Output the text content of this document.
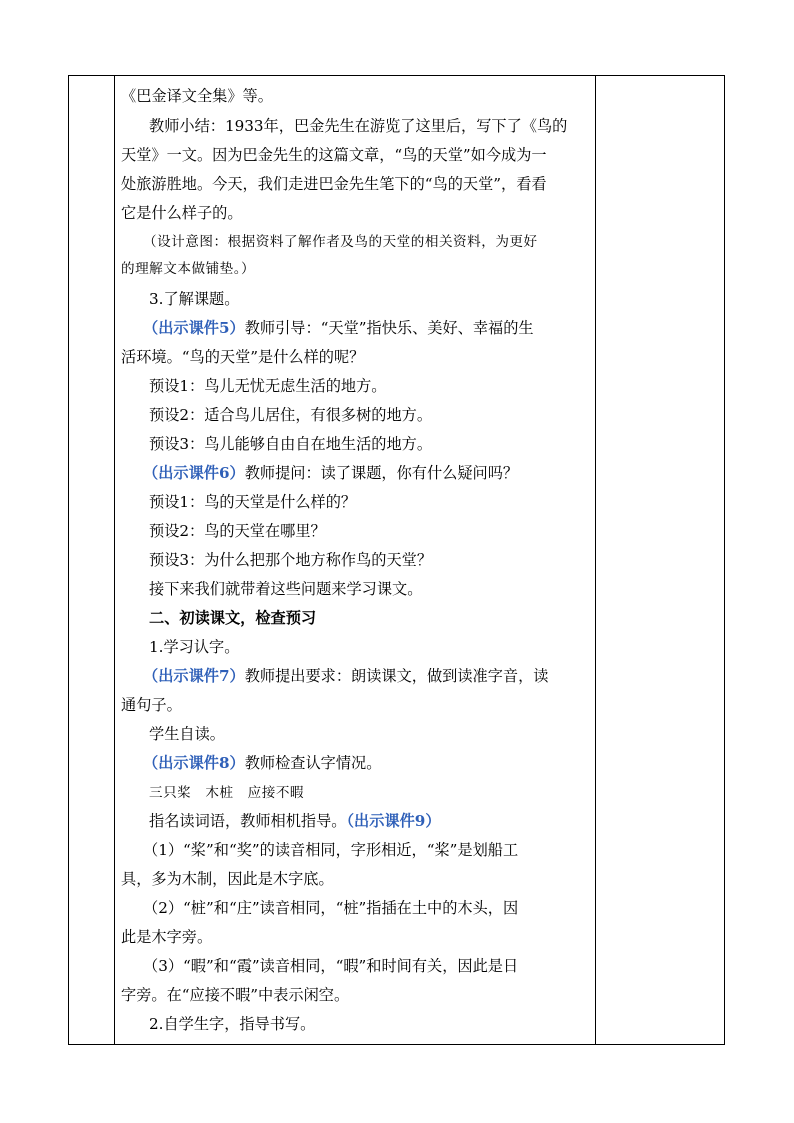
《巴金译文全集》等。
教师小结：1933年，巴金先生在游览了这里后，写下了《鸟的
天堂》一文。因为巴金先生的这篇文章，“鸟的天堂”如今成为一
处旅游胜地。今天，我们走进巴金先生笔下的“鸟的天堂”，看看
它是什么样子的。
（设计意图：根据资料了解作者及鸟的天堂的相关资料，为更好
的理解文本做铺垫。）
3.了解课题。
（出示课件5）教师引导：“天堂”指快乐、美好、幸福的生
活环境。“鸟的天堂”是什么样的呢？
预设1：鸟儿无忧无虑生活的地方。
预设2：适合鸟儿居住，有很多树的地方。
预设3：鸟儿能够自由自在地生活的地方。
（出示课件6）教师提问：读了课题，你有什么疑问吗？
预设1：鸟的天堂是什么样的？
预设2：鸟的天堂在哪里？
预设3：为什么把那个地方称作鸟的天堂？
接下来我们就带着这些问题来学习课文。
二、初读课文，检查预习
1.学习认字。
（出示课件7）教师提出要求：朗读课文，做到读准字音，读
通句子。
学生自读。
（出示课件8）教师检查认字情况。
三只桨　木桩　应接不暇
指名读词语，教师相机指导。（出示课件9）
（1）“桨”和“奖”的读音相同，字形相近，“桨”是划船工
具，多为木制，因此是木字底。
（2）“桩”和“庄”读音相同，“桩”指插在土中的木头，因
此是木字旁。
（3）“暇”和“霞”读音相同，“暇”和时间有关，因此是日
字旁。在“应接不暇”中表示闲空。
2.自学生字，指导书写。
